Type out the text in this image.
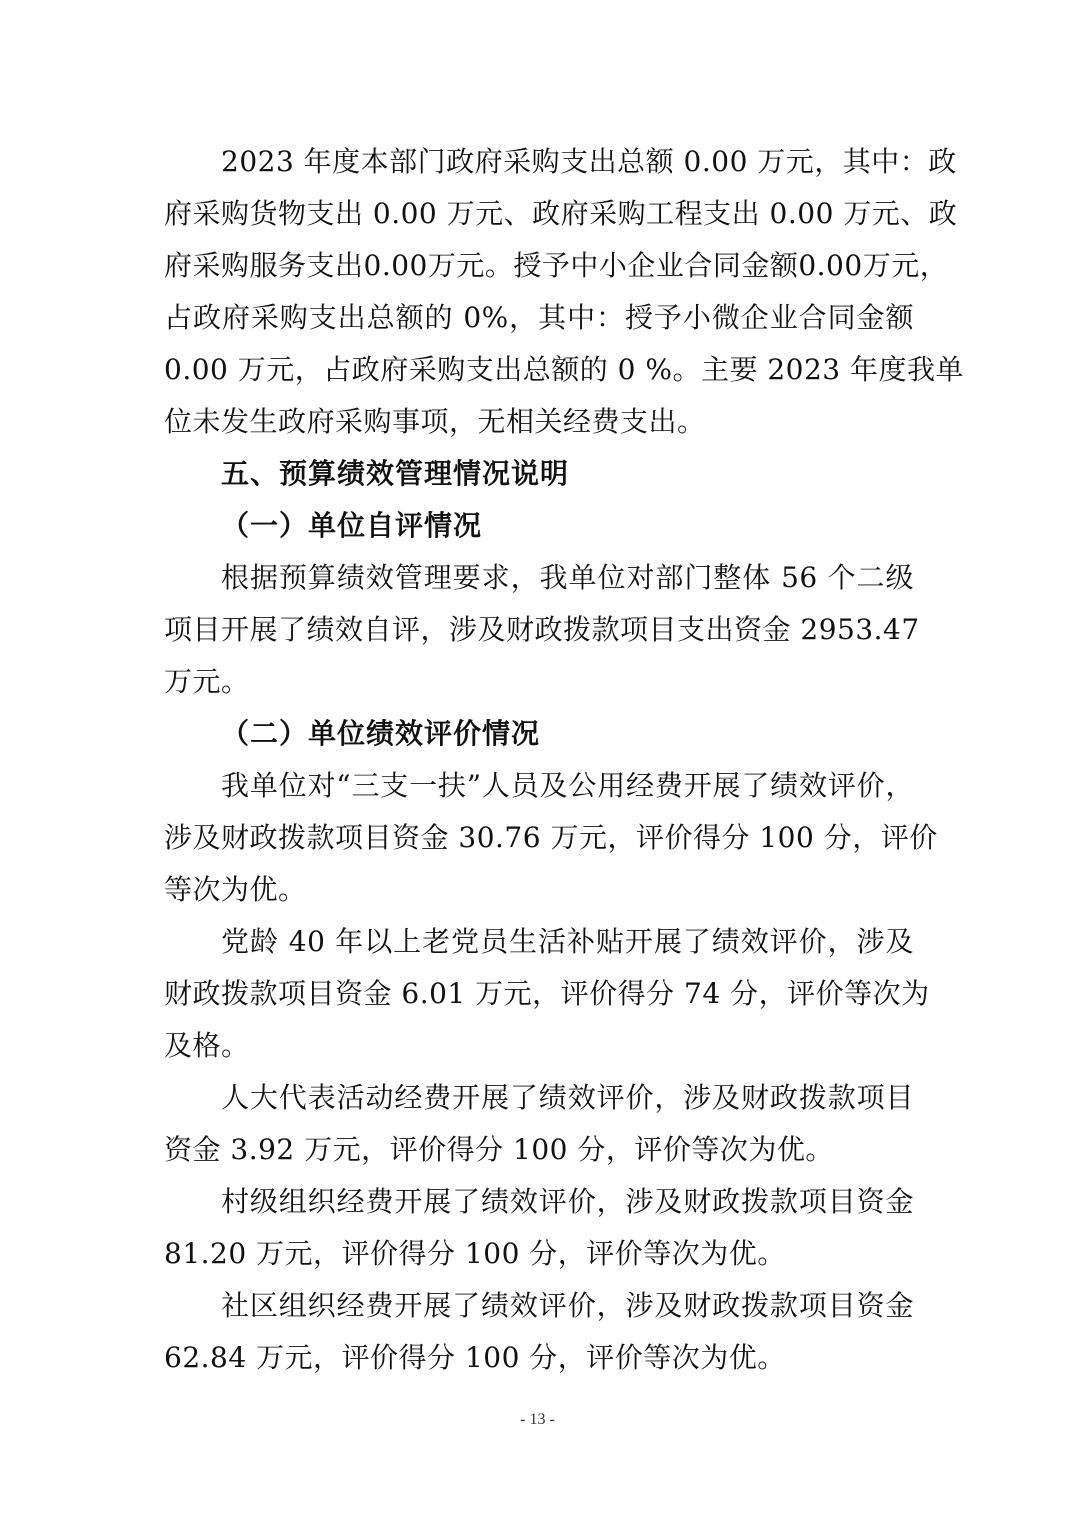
2023 年度本部门政府采购支出总额 0.00 万元，其中：政
府采购货物支出 0.00 万元、政府采购工程支出 0.00 万元、政
府采购服务支出0.00万元。授予中小企业合同金额0.00万元，
占政府采购支出总额的 0%，其中：授予小微企业合同金额
0.00 万元，占政府采购支出总额的 0 %。主要 2023 年度我单
位未发生政府采购事项，无相关经费支出。
五、预算绩效管理情况说明
（一）单位自评情况
根据预算绩效管理要求，我单位对部门整体 56 个二级
项目开展了绩效自评，涉及财政拨款项目支出资金 2953.47
万元。
（二）单位绩效评价情况
我单位对“三支一扶”人员及公用经费开展了绩效评价，
涉及财政拨款项目资金 30.76 万元，评价得分 100 分，评价
等次为优。
党龄 40 年以上老党员生活补贴开展了绩效评价，涉及
财政拨款项目资金 6.01 万元，评价得分 74 分，评价等次为
及格。
人大代表活动经费开展了绩效评价，涉及财政拨款项目
资金 3.92 万元，评价得分 100 分，评价等次为优。
村级组织经费开展了绩效评价，涉及财政拨款项目资金
81.20 万元，评价得分 100 分，评价等次为优。
社区组织经费开展了绩效评价，涉及财政拨款项目资金
62.84 万元，评价得分 100 分，评价等次为优。
- 13 -
